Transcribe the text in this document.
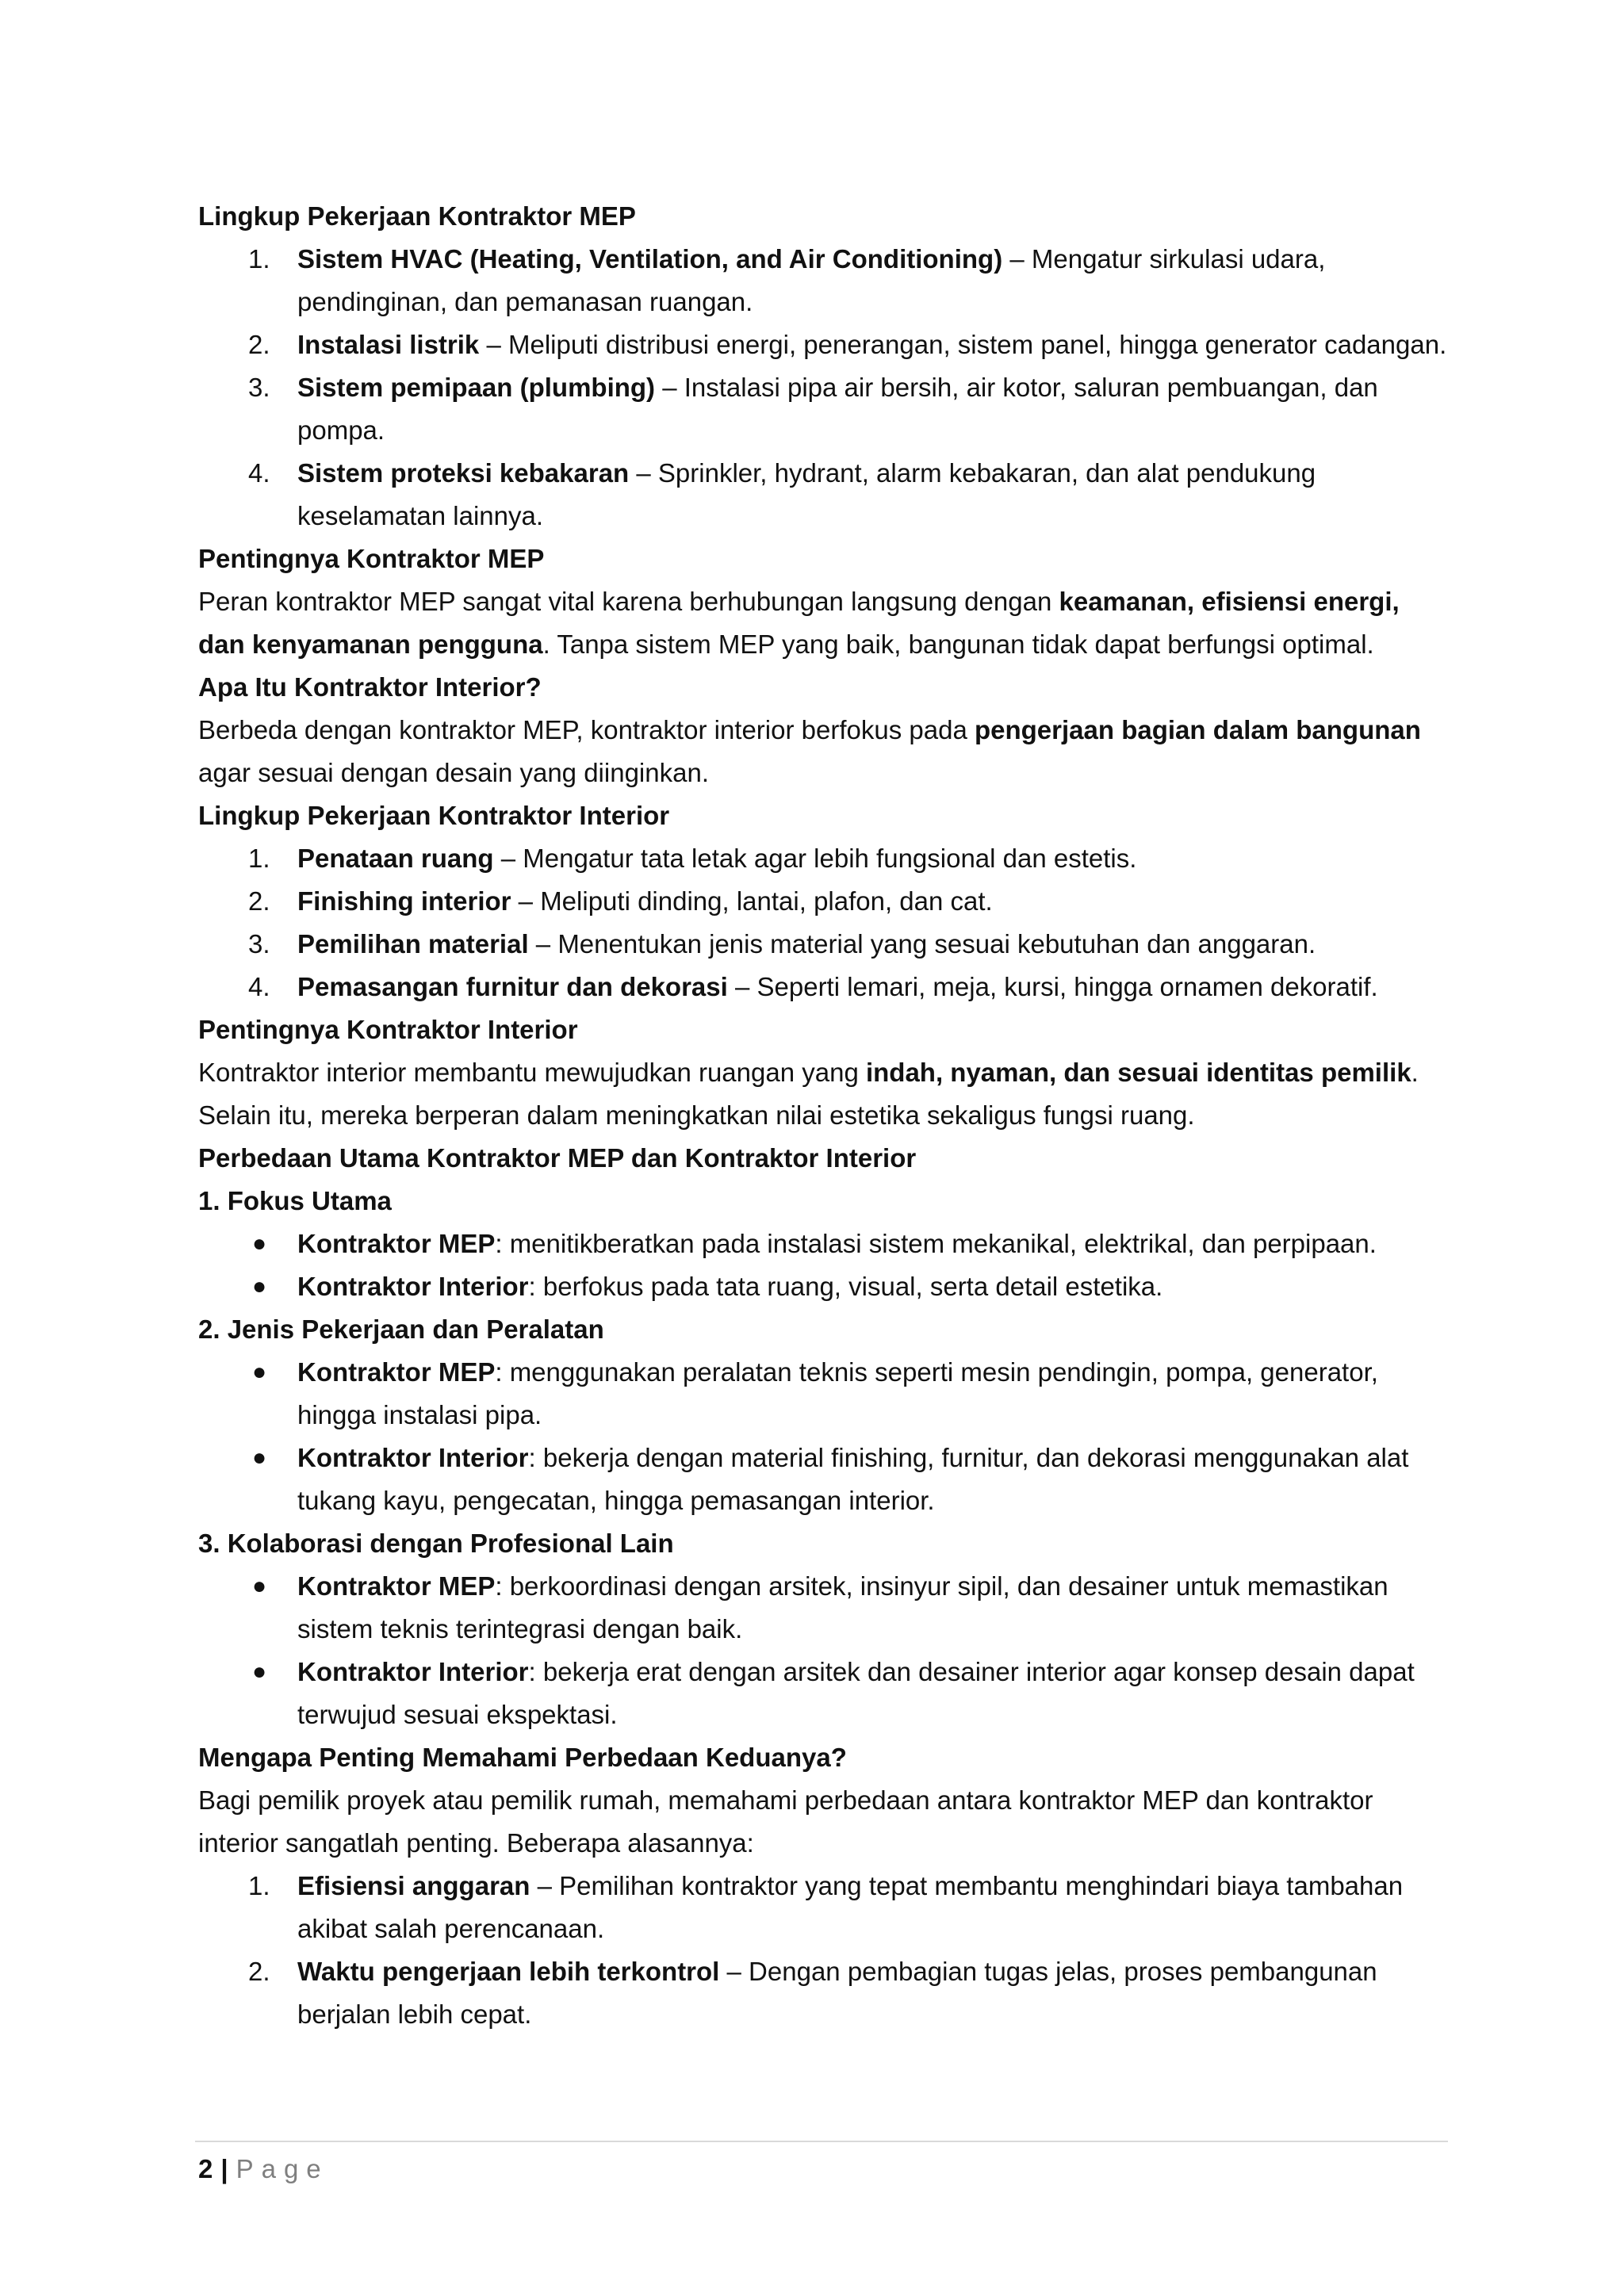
Lingkup Pekerjaan Kontraktor MEP

1. Sistem HVAC (Heating, Ventilation, and Air Conditioning) – Mengatur sirkulasi udara, pendinginan, dan pemanasan ruangan.
2. Instalasi listrik – Meliputi distribusi energi, penerangan, sistem panel, hingga generator cadangan.
3. Sistem pemipaan (plumbing) – Instalasi pipa air bersih, air kotor, saluran pembuangan, dan pompa.
4. Sistem proteksi kebakaran – Sprinkler, hydrant, alarm kebakaran, dan alat pendukung keselamatan lainnya.

Pentingnya Kontraktor MEP

Peran kontraktor MEP sangat vital karena berhubungan langsung dengan keamanan, efisiensi energi, dan kenyamanan pengguna. Tanpa sistem MEP yang baik, bangunan tidak dapat berfungsi optimal.

Apa Itu Kontraktor Interior?

Berbeda dengan kontraktor MEP, kontraktor interior berfokus pada pengerjaan bagian dalam bangunan agar sesuai dengan desain yang diinginkan.

Lingkup Pekerjaan Kontraktor Interior

1. Penataan ruang – Mengatur tata letak agar lebih fungsional dan estetis.
2. Finishing interior – Meliputi dinding, lantai, plafon, dan cat.
3. Pemilihan material – Menentukan jenis material yang sesuai kebutuhan dan anggaran.
4. Pemasangan furnitur dan dekorasi – Seperti lemari, meja, kursi, hingga ornamen dekoratif.

Pentingnya Kontraktor Interior

Kontraktor interior membantu mewujudkan ruangan yang indah, nyaman, dan sesuai identitas pemilik. Selain itu, mereka berperan dalam meningkatkan nilai estetika sekaligus fungsi ruang.

Perbedaan Utama Kontraktor MEP dan Kontraktor Interior

1. Fokus Utama

● Kontraktor MEP: menitikberatkan pada instalasi sistem mekanikal, elektrikal, dan perpipaan.
● Kontraktor Interior: berfokus pada tata ruang, visual, serta detail estetika.

2. Jenis Pekerjaan dan Peralatan

● Kontraktor MEP: menggunakan peralatan teknis seperti mesin pendingin, pompa, generator, hingga instalasi pipa.
● Kontraktor Interior: bekerja dengan material finishing, furnitur, dan dekorasi menggunakan alat tukang kayu, pengecatan, hingga pemasangan interior.

3. Kolaborasi dengan Profesional Lain

● Kontraktor MEP: berkoordinasi dengan arsitek, insinyur sipil, dan desainer untuk memastikan sistem teknis terintegrasi dengan baik.
● Kontraktor Interior: bekerja erat dengan arsitek dan desainer interior agar konsep desain dapat terwujud sesuai ekspektasi.

Mengapa Penting Memahami Perbedaan Keduanya?

Bagi pemilik proyek atau pemilik rumah, memahami perbedaan antara kontraktor MEP dan kontraktor interior sangatlah penting. Beberapa alasannya:

1. Efisiensi anggaran – Pemilihan kontraktor yang tepat membantu menghindari biaya tambahan akibat salah perencanaan.
2. Waktu pengerjaan lebih terkontrol – Dengan pembagian tugas jelas, proses pembangunan berjalan lebih cepat.
2 | Page
